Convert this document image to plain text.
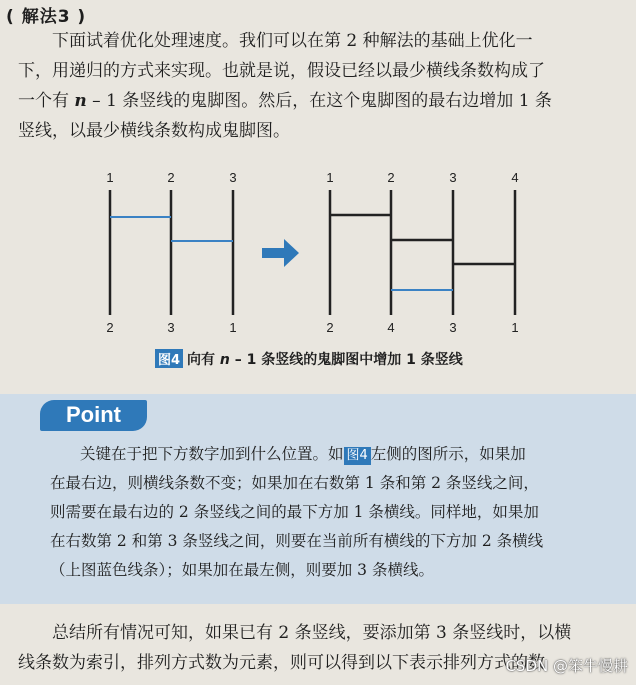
( 解法3 )

下面试着优化处理速度。我们可以在第 2 种解法的基础上优化一

下，用递归的方式来实现。也就是说，假设已经以最少横线条数构成了

一个有 n – 1 条竖线的鬼脚图。然后，在这个鬼脚图的最右边增加 1 条

竖线，以最少横线条数构成鬼脚图。

1	2	3
2	3	1
1	2	3	4
2	4	3	1
图4 向有 n – 1 条竖线的鬼脚图中增加 1 条竖线
Point

关键在于把下方数字加到什么位置。如 图4 左侧的图所示，如果加

在最右边，则横线条数不变；如果加在右数第 1 条和第 2 条竖线之间，

则需要在最右边的 2 条竖线之间的最下方加 1 条横线。同样地，如果加

在右数第 2 和第 3 条竖线之间，则要在当前所有横线的下方加 2 条横线

（上图蓝色线条）；如果加在最左侧，则要加 3 条横线。

总结所有情况可知，如果已有 2 条竖线，要添加第 3 条竖线时，以横

线条数为索引，排列方式数为元素，则可以得到以下表示排列方式的数

CSDN @笨牛慢耕
